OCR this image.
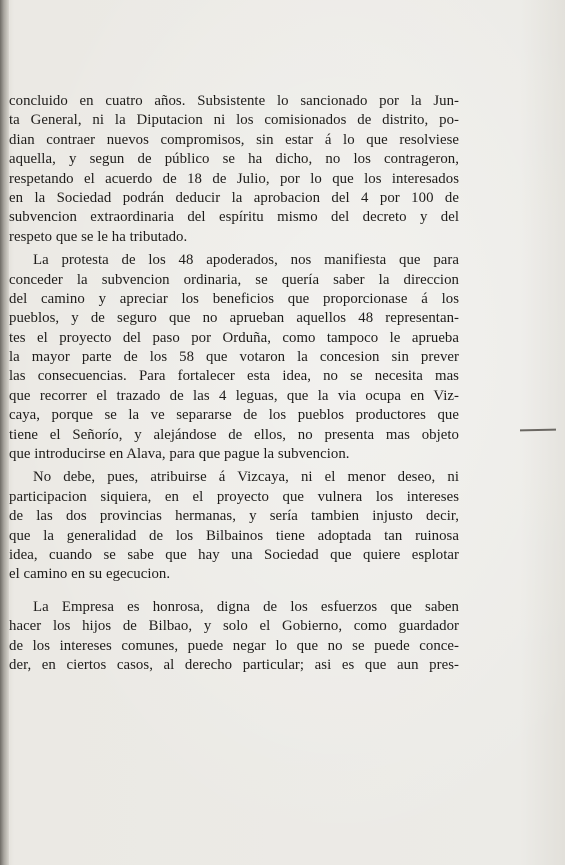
concluido en cuatro años. Subsistente lo sancionado por la Jun-
ta General, ni la Diputacion ni los comisionados de distrito, po-
dian contraer nuevos compromisos, sin estar á lo que resolviese
aquella, y segun de público se ha dicho, no los contrageron,
respetando el acuerdo de 18 de Julio, por lo que los interesados
en la Sociedad podrán deducir la aprobacion del 4 por 100 de
subvencion extraordinaria del espíritu mismo del decreto y del
respeto que se le ha tributado.
La protesta de los 48 apoderados, nos manifiesta que para
conceder la subvencion ordinaria, se quería saber la direccion
del camino y apreciar los beneficios que proporcionase á los
pueblos, y de seguro que no aprueban aquellos 48 representan-
tes el proyecto del paso por Orduña, como tampoco le aprueba
la mayor parte de los 58 que votaron la concesion sin prever
las consecuencias. Para fortalecer esta idea, no se necesita mas
que recorrer el trazado de las 4 leguas, que la via ocupa en Viz-
caya, porque se la ve separarse de los pueblos productores que
tiene el Señorío, y alejándose de ellos, no presenta mas objeto
que introducirse en Alava, para que pague la subvencion.
No debe, pues, atribuirse á Vizcaya, ni el menor deseo, ni
participacion siquiera, en el proyecto que vulnera los intereses
de las dos provincias hermanas, y sería tambien injusto decir,
que la generalidad de los Bilbainos tiene adoptada tan ruinosa
idea, cuando se sabe que hay una Sociedad que quiere esplotar
el camino en su egecucion.
La Empresa es honrosa, digna de los esfuerzos que saben
hacer los hijos de Bilbao, y solo el Gobierno, como guardador
de los intereses comunes, puede negar lo que no se puede conce-
der, en ciertos casos, al derecho particular; asi es que aun pres-
